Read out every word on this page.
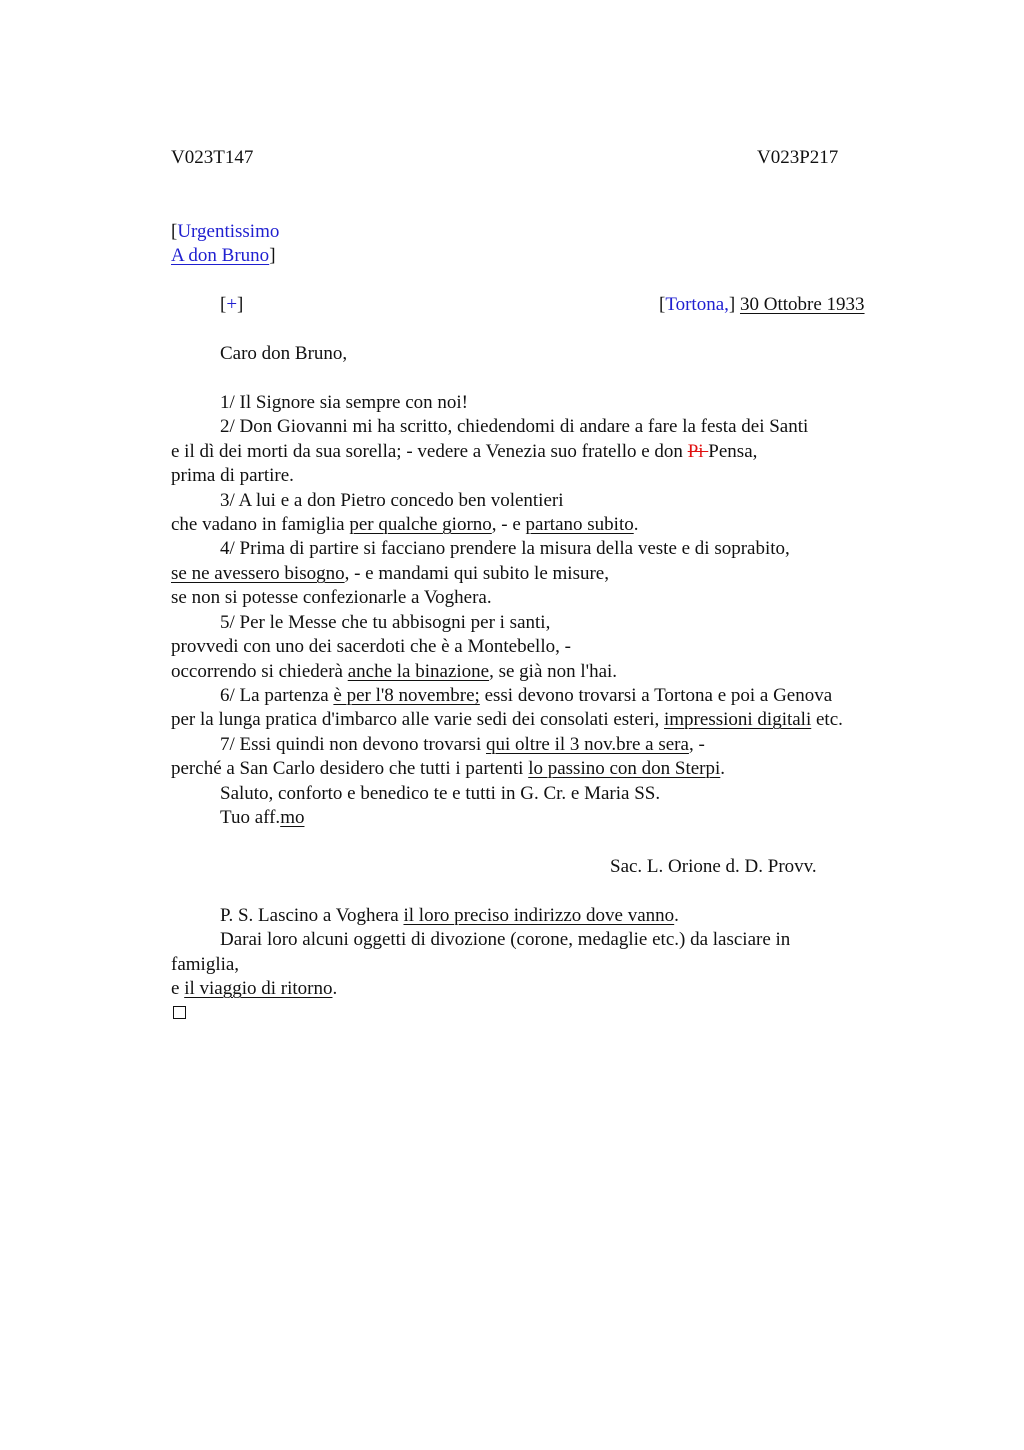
V023T147	V023P217
[Urgentissimo
A don Bruno]
[+]	[Tortona,] 30 Ottobre 1933
Caro don Bruno,
1/ Il Signore sia sempre con noi!
2/ Don Giovanni mi ha scritto, chiedendomi di andare a fare la festa dei Santi
e il dì dei morti da sua sorella; - vedere a Venezia suo fratello e don Pi Pensa,
prima di partire.
3/ A lui e a don Pietro concedo ben volentieri
che vadano in famiglia per qualche giorno, - e partano subito.
4/ Prima di partire si facciano prendere la misura della veste e di soprabito,
se ne avessero bisogno, - e mandami qui subito le misure,
se non si potesse confezionarle a Voghera.
5/ Per le Messe che tu abbisogni per i santi,
provvedi con uno dei sacerdoti che è a Montebello, -
occorrendo si chiederà anche la binazione, se già non l'hai.
6/ La partenza è per l'8 novembre; essi devono trovarsi a Tortona e poi a Genova
per la lunga pratica d'imbarco alle varie sedi dei consolati esteri, impressioni digitali etc.
7/ Essi quindi non devono trovarsi qui oltre il 3 nov.bre a sera, -
perché a San Carlo desidero che tutti i partenti lo passino con don Sterpi.
Saluto, conforto e benedico te e tutti in G. Cr. e Maria SS.
Tuo aff.mo
Sac. L. Orione d. D. Provv.
P. S. Lascino a Voghera il loro preciso indirizzo dove vanno.
Darai loro alcuni oggetti di divozione (corone, medaglie etc.) da lasciare in
famiglia,
e il viaggio di ritorno.
